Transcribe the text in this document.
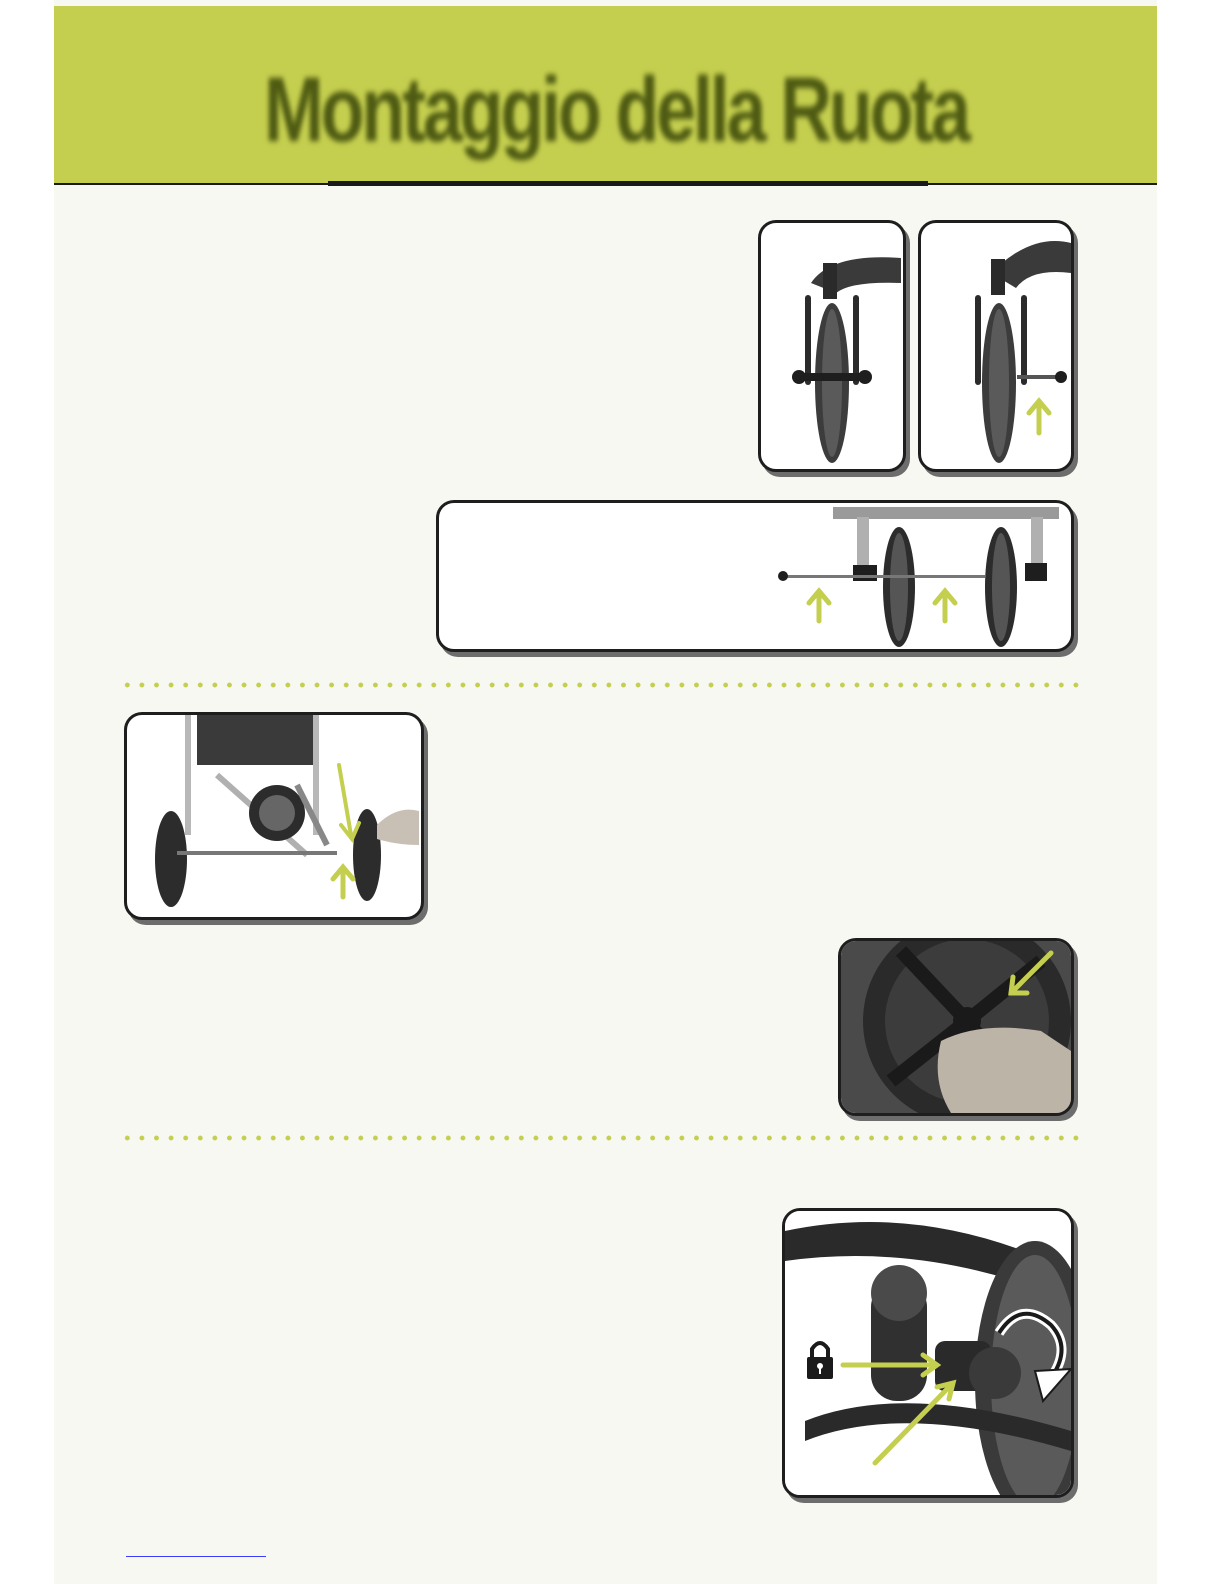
Montaggio della Ruota
